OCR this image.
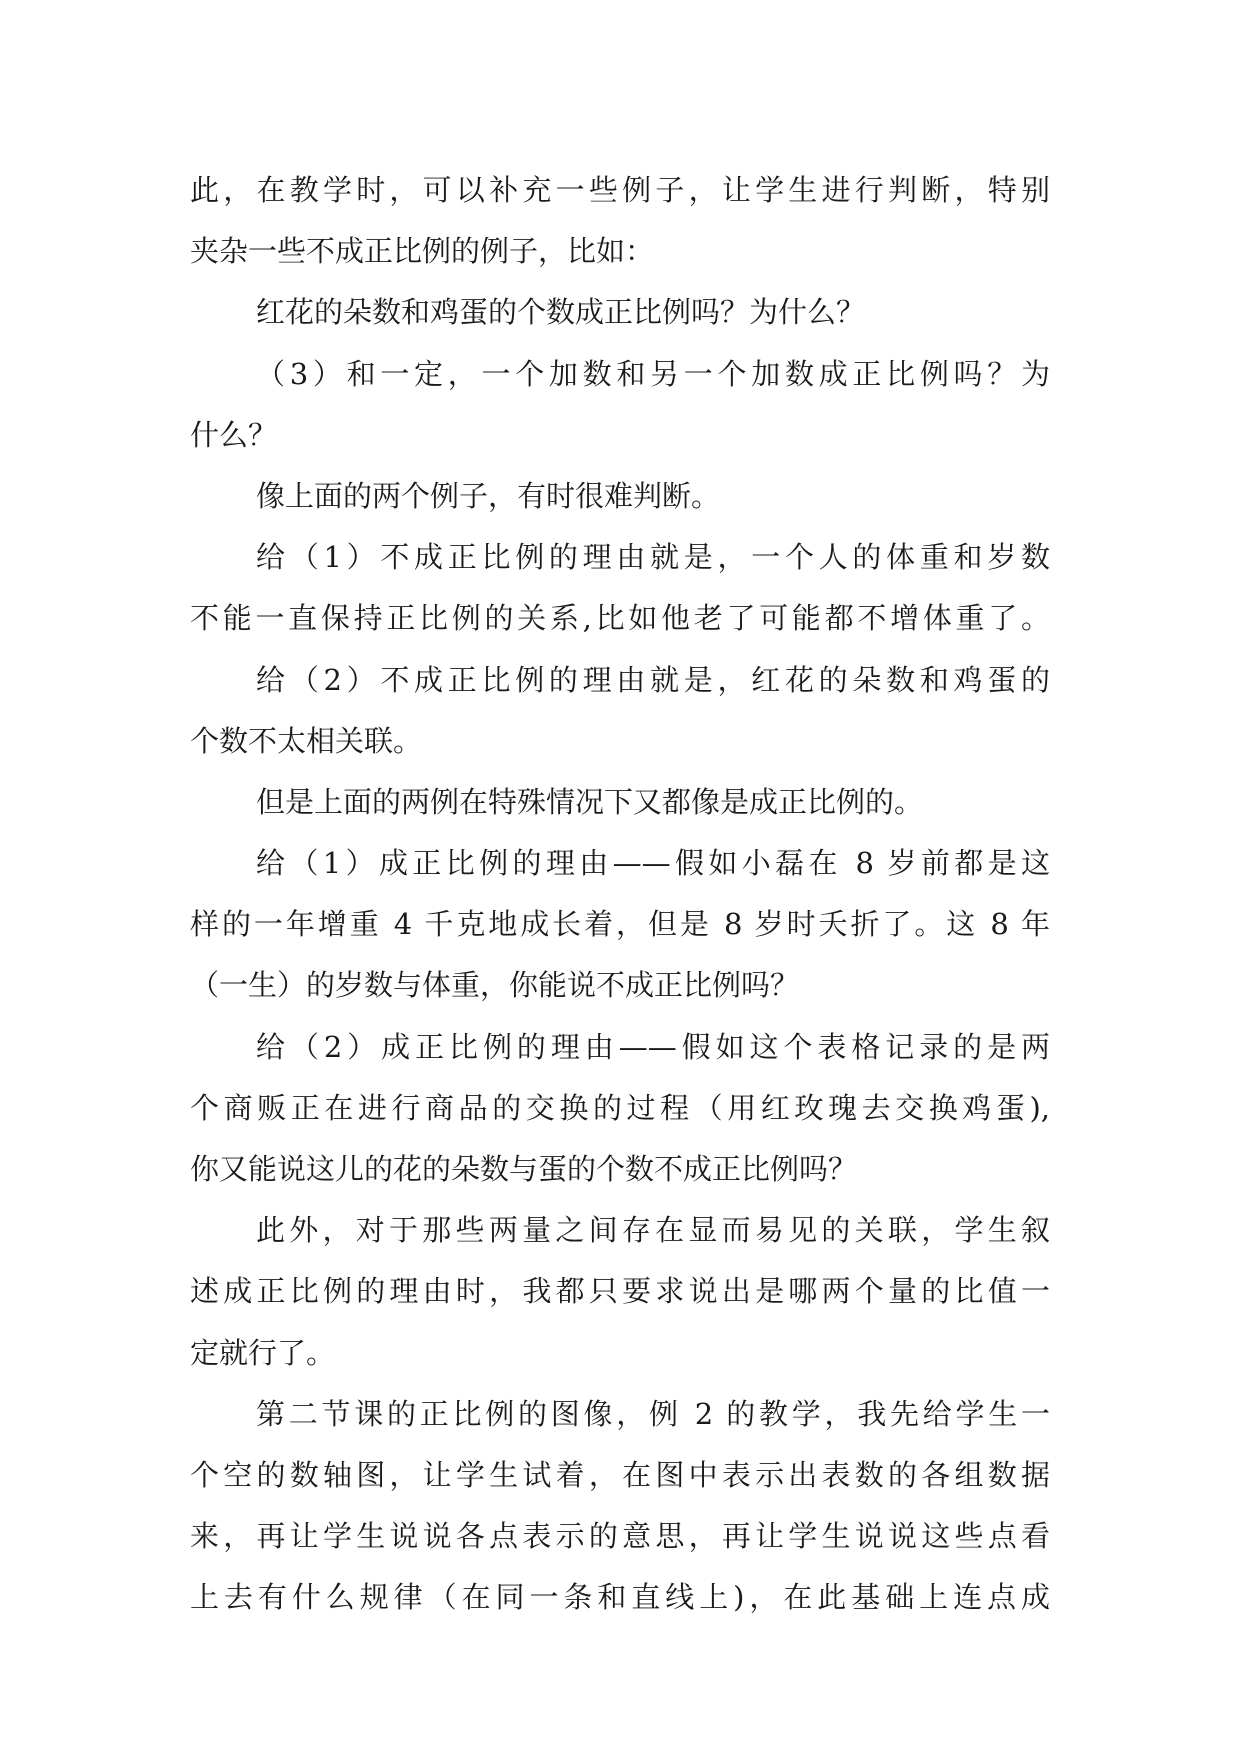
此，在教学时，可以补充一些例子，让学生进行判断，特别
夹杂一些不成正比例的例子，比如：
红花的朵数和鸡蛋的个数成正比例吗？为什么？
（3）和一定，一个加数和另一个加数成正比例吗？为
什么？
像上面的两个例子，有时很难判断。
给（1）不成正比例的理由就是，一个人的体重和岁数
不能一直保持正比例的关系,比如他老了可能都不增体重了。
给（2）不成正比例的理由就是，红花的朵数和鸡蛋的
个数不太相关联。
但是上面的两例在特殊情况下又都像是成正比例的。
给（1）成正比例的理由——假如小磊在 8 岁前都是这
样的一年增重 4 千克地成长着，但是 8 岁时夭折了。这 8 年
（一生）的岁数与体重，你能说不成正比例吗？
给（2）成正比例的理由——假如这个表格记录的是两
个商贩正在进行商品的交换的过程（用红玫瑰去交换鸡蛋),
你又能说这儿的花的朵数与蛋的个数不成正比例吗？
此外，对于那些两量之间存在显而易见的关联，学生叙
述成正比例的理由时，我都只要求说出是哪两个量的比值一
定就行了。
第二节课的正比例的图像，例 2 的教学，我先给学生一
个空的数轴图，让学生试着，在图中表示出表数的各组数据
来，再让学生说说各点表示的意思，再让学生说说这些点看
上去有什么规律（在同一条和直线上)，在此基础上连点成
